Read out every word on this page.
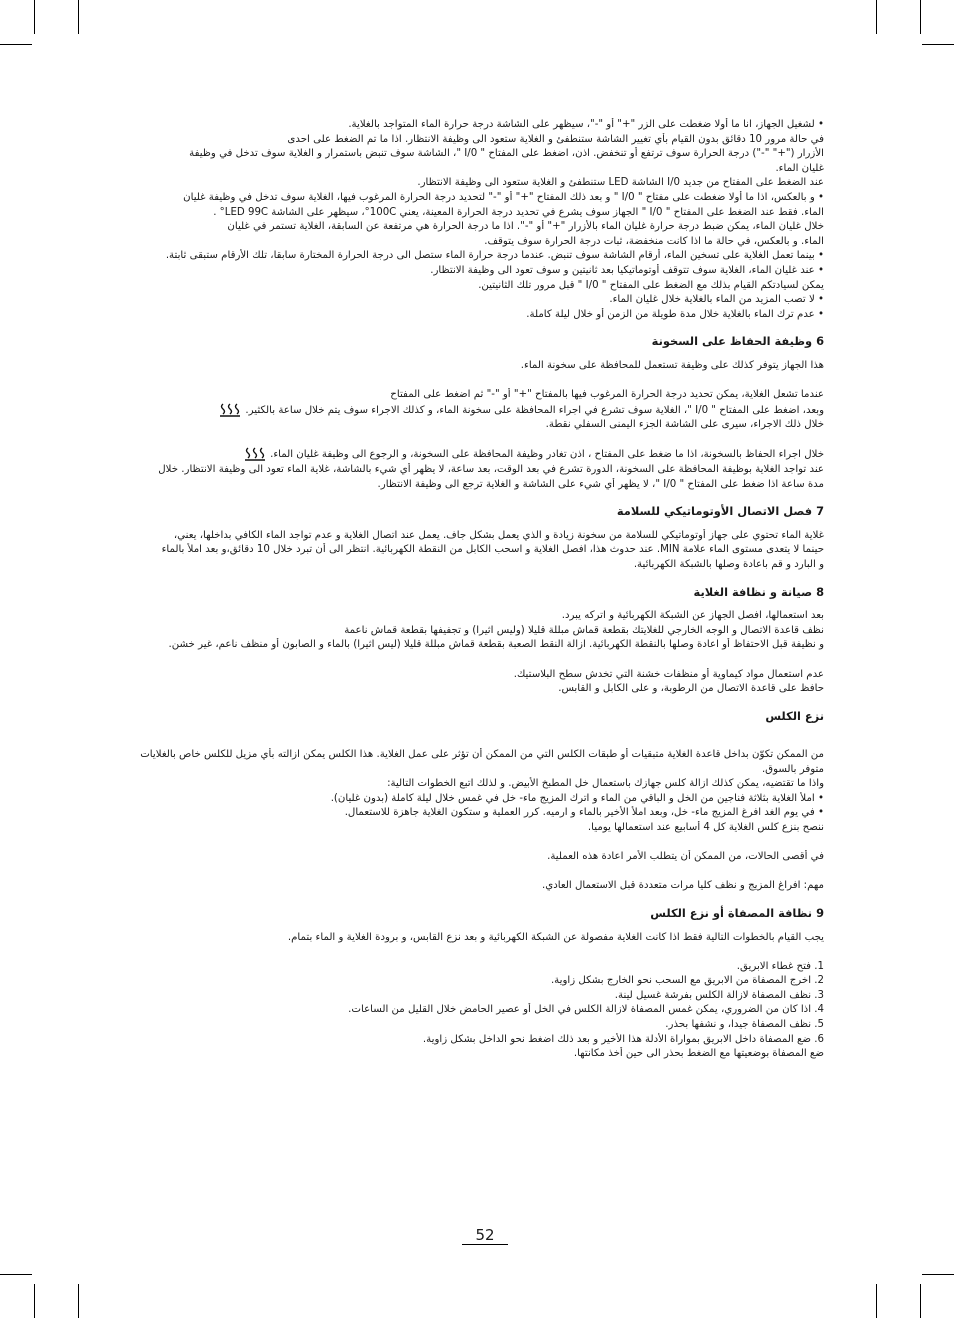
• لشغيل الجهاز، انا ما أولا ضغطت على الزر "+" أو "-"، سيظهر على الشاشة درجة حرارة الماء المتواجد بالغلاية.
في حالة مرور 10 دقائق بدون القيام بأي تغيير الشاشة ستنطفئ و الغلاية ستعود الى وظيفة الانتظار. اذا ما تم الضغط على احدى
الأزرار ("+" "-") درجة الحرارة سوف ترتفع أو تنخفض. اذن، اضغط على المفتاح " 0/I "، الشاشة سوف تنبض باستمرار و الغلاية سوف تدخل في وظيفة
غليان الماء.
عند الضغط على المفتاح من جديد 0/I الشاشة LED ستنطفئ و الغلاية ستعود الى وظيفة الانتظار.
• و بالعكس، اذا ما أولا ضغطت على مفتاح " 0/I " و بعد ذلك المفتاح "+" أو "-" لتحديد درجة الحرارة المرغوب فيها، الغلاية سوف تدخل في وظيفة غليان
الماء. فقط عند الضغط على المفتاح " 0/I " الجهاز سوف يشرع في تحديد درجة الحرارة المعينة، يعني 100C°، سيظهر على الشاشة LED 99C° .
خلال غليان الماء، يمكن ضبط درجة حرارة غليان الماء بالأزرار "+" أو "-". اذا ما درجة الحرارة هي مرتفعة عن السابقة، الغلاية تستمر في غليان
الماء. و بالعكس، في حالة ما اذا كانت منخفضة، ثبات درجة الحرارة سوف يتوقف.
• بينما تعمل الغلاية على تسخين الماء، أرقام الشاشة سوف تنبض. عندما درجة حرارة الماء ستصل الى درجة الحرارة المختارة سابقا، تلك الأرقام ستبقى ثابتة.
• عند غليان الماء، الغلاية سوف تتوقف أوتوماتيكيا بعد ثانيتين و سوف تعود الى وظيفة الانتظار.
يمكن لسيادتكم القيام بذلك مع الضغط على المفتاح " 0/I " قبل مرور تلك الثانيتين.
• لا تصب المزيد من الماء بالغلاية خلال غليان الماء.
• عدم ترك الماء بالغلاية خلال مدة طويلة من الزمن أو خلال ليلة كاملة.
6 وظيفة الحفاظ على السخونة
هذا الجهاز يتوفر كذلك على وظيفة تستعمل للمحافظة على سخونة الماء.
عندما تشعل الغلاية، يمكن تحديد درجة الحرارة المرغوب فيها بالمفتاح "+" أو "-" ثم اضغط على المفتاح
وبعد، اضغط على المفتاح " 0/I "، الغلاية سوف تشرع في اجراء المحافظة على سخونة الماء، و كذلك الاجراء سوف يتم خلال ساعة بالكثير.
خلال ذلك الاجراء، سيرى على الشاشة الجزء اليمنى السفلي نقطة.
خلال اجراء الحفاظ بالسخونة، اذا ما ضغط على المفتاح ، اذن تغادر وظيفة المحافظة على السخونة، و الرجوع الى وظيفة غليان الماء.
عند تواجد الغلاية بوظيفة المحافظة على السخونة، الدورة تشرع في بعد الوقت، بعد ساعة، لا يظهر أي شيء بالشاشة، غلاية الماء تعود الى وظيفة الانتظار. خلال
مدة ساعة اذا ضغط على المفتاح " 0/I "، لا يظهر أي شيء على الشاشة و الغلاية ترجع الى وظيفة الانتظار.
7 فصل الاتصال الأوتوماتيكي للسلامة
غلاية الماء تحتوي على جهاز أوتوماتيكي للسلامة من سخونة زيادة و الذي يعمل بشكل جاف. يعمل عند اتصال الغلاية و عدم تواجد الماء الكافي بداخلها، يعني،
حينما لا يتعدى مستوى الماء علامة MIN. عند حدوث هذا، افصل الغلاية و اسحب الكابل من النقطة الكهربائية. انتظر الى أن تبرد خلال 10 دقائق،و بعد املأ بالماء
و البارد و قم باعادة وصلها بالشبكة الكهربائية.
8 صيانة و نظافة الغلاية
بعد استعمالها، افصل الجهاز عن الشبكة الكهربائية و اتركه يبرد.
نظف قاعدة الاتصال و الوجه الخارجي للغلايتك بقطعة قماش مبللة قليلا (وليس اثيرا) و تجفيفها بقطعة قماش ناعمة
و نظيفة قبل الاحتفاظ أو اعادة وصلها بالنقطة الكهربائية. ازالة النقط الصعبة بقطعة قماش مبللة قليلا (ليس اثيرا) بالماء و الصابون أو منظف ناعم، غير خشن.
عدم استعمال مواد كيماوية أو منظفات خشنة التي تخدش سطح البلاستيك.
حافظ على قاعدة الاتصال من الرطوبة، و على الكابل و القابس.
نزع الكلس
من الممكن تكوّن بداخل قاعدة الغلاية متبقيات أو طبقات الكلس التي من الممكن أن تؤثر على عمل الغلاية. هذا الكلس يمكن ازالته بأي مزيل للكلس خاص بالغلايات
متوفر بالسوق.
واذا ما تقتضيه، يمكن كذلك ازالة كلس جهازك باستعمال خل المطبخ الأبيض. و لذلك اتبع الخطوات التالية:
• املأ الغلاية بثلاثة فناجين من الخل و الباقي من الماء و اترك المزيج ماء- خل في غمس خلال ليلة كاملة (بدون غليان).
• في يوم الغد افرغ المزيج ماء- خل، وبعد املأ الأخير بالماء و ارميه. كرر العملية و ستكون الغلاية جاهزة للاستعمال.
ننصح بنزع كلس الغلاية كل 4 أسابيع عند استعمالها يوميا.
في أقصى الحالات، من الممكن أن يتطلب الأمر اعادة هذه العملية.
مهم: افراغ المزيج و نظف كليا مرات متعددة قبل الاستعمال العادي.
9 نظافة المصفاة أو نزع الكلس
يجب القيام بالخطوات التالية فقط اذا كانت الغلاية مفصولة عن الشبكة الكهربائية و بعد نزع القابس، و برودة الغلاية و الماء بتمام.
1. فتح غطاء الابريق.
2. اخرج المصفاة من الابريق مع السحب نحو الخارج بشكل زاوية.
3. نظف المصفاة لازالة الكلس بفرشة غسيل لينة.
4. اذا كان من الضروري، يمكن غمس المصفاة لازالة الكلس في الخل أو عصير الحامض خلال القليل من الساعات.
5. نظف المصفاة جيدا، و نشفها بحذر.
6. ضع المصفاة داخل الابريق بمواراة الأدلة هذا الأخير و بعد ذلك اضغط نحو الداخل بشكل زاوية.
ضع المصفاة بوضعيتها مع الضغط بحذر الى حين أخذ مكانتها.
52
